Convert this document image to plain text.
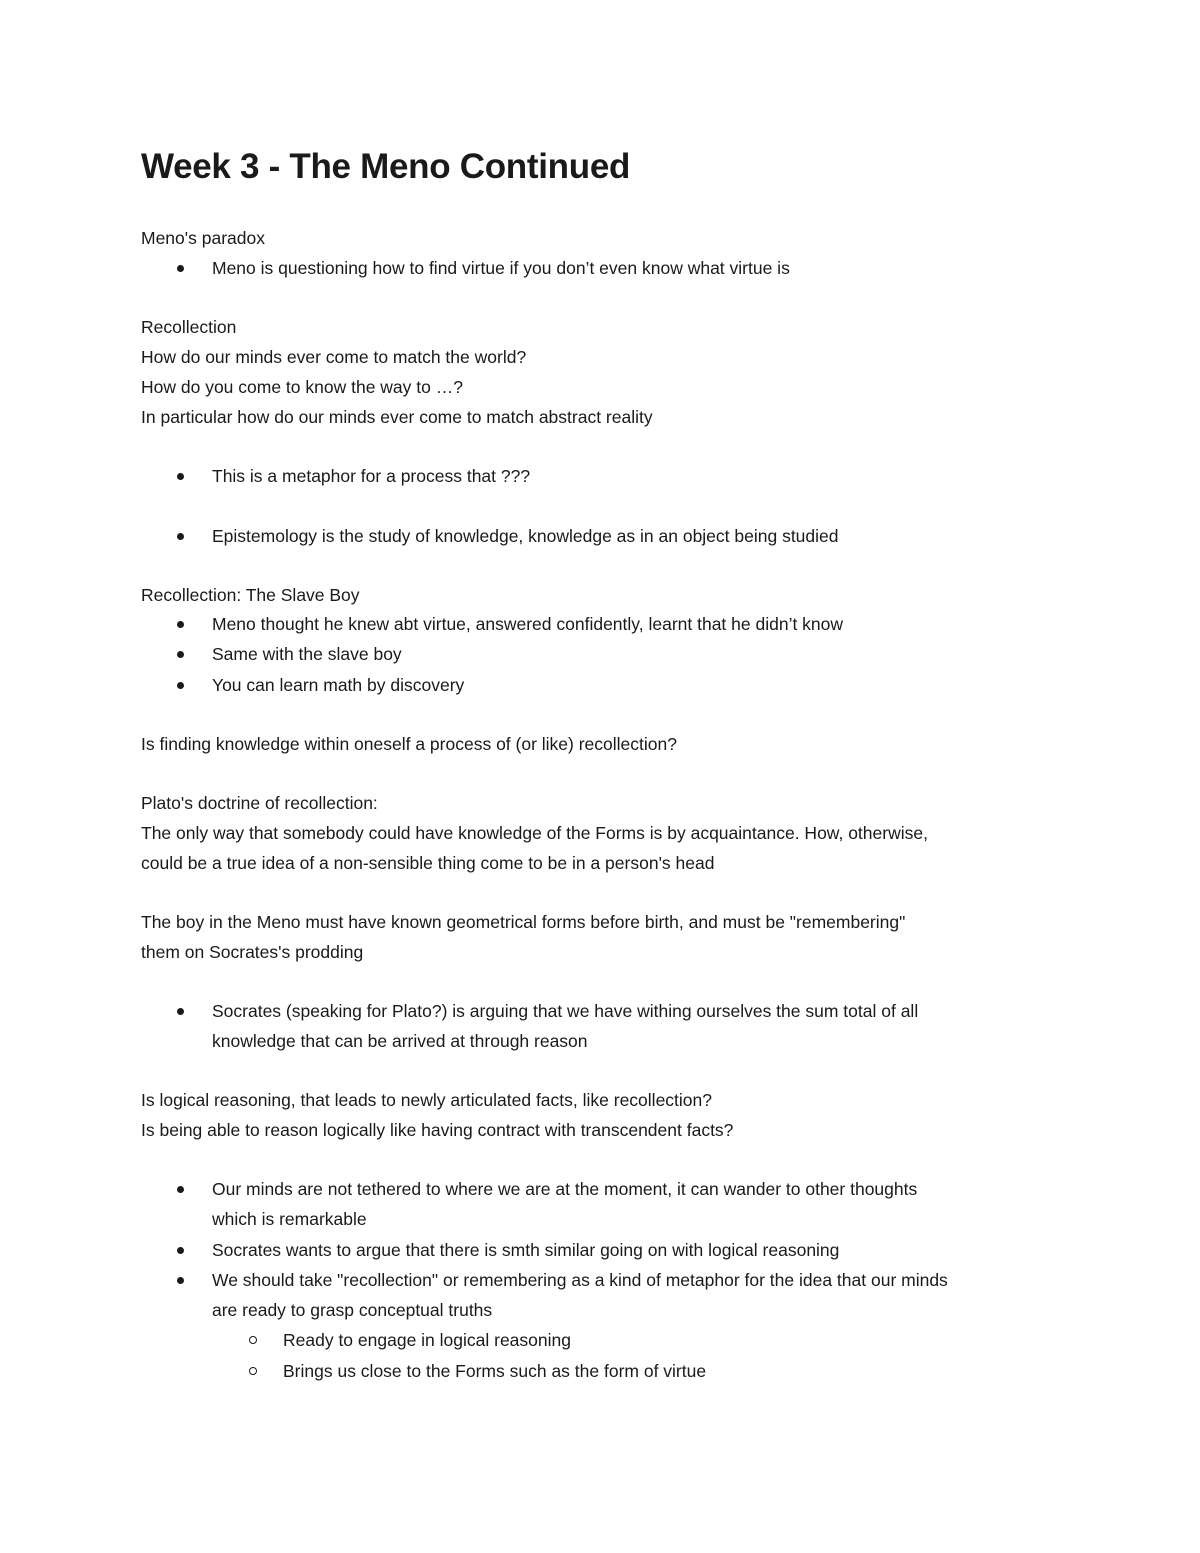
Week 3 - The Meno Continued
Meno's paradox
Meno is questioning how to find virtue if you don’t even know what virtue is
Recollection
How do our minds ever come to match the world?
How do you come to know the way to …?
In particular how do our minds ever come to match abstract reality
This is a metaphor for a process that ???
Epistemology is the study of knowledge, knowledge as in an object being studied
Recollection: The Slave Boy
Meno thought he knew abt virtue, answered confidently, learnt that he didn’t know
Same with the slave boy
You can learn math by discovery
Is finding knowledge within oneself a process of (or like) recollection?
Plato's doctrine of recollection:
The only way that somebody could have knowledge of the Forms is by acquaintance. How, otherwise,
could be a true idea of a non-sensible thing come to be in a person's head
The boy in the Meno must have known geometrical forms before birth, and must be "remembering"
them on Socrates's prodding
Socrates (speaking for Plato?) is arguing that we have withing ourselves the sum total of all
knowledge that can be arrived at through reason
Is logical reasoning, that leads to newly articulated facts, like recollection?
Is being able to reason logically like having contract with transcendent facts?
Our minds are not tethered to where we are at the moment, it can wander to other thoughts
which is remarkable
Socrates wants to argue that there is smth similar going on with logical reasoning
We should take "recollection" or remembering as a kind of metaphor for the idea that our minds
are ready to grasp conceptual truths
Ready to engage in logical reasoning
Brings us close to the Forms such as the form of virtue
